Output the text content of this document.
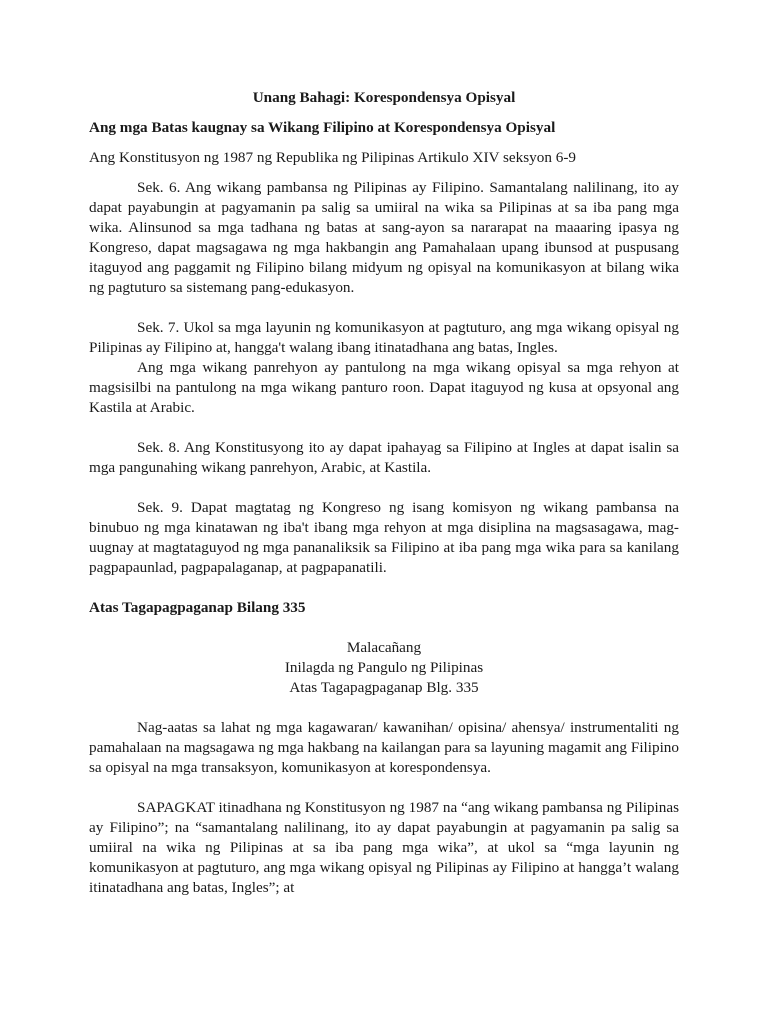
Unang Bahagi: Korespondensya Opisyal

Ang mga Batas kaugnay sa Wikang Filipino at Korespondensya Opisyal

Ang Konstitusyon ng 1987 ng Republika ng Pilipinas Artikulo XIV seksyon 6-9

Sek. 6. Ang wikang pambansa ng Pilipinas ay Filipino. Samantalang nalilinang, ito ay dapat payabungin at pagyamanin pa salig sa umiiral na wika sa Pilipinas at sa iba pang mga wika. Alinsunod sa mga tadhana ng batas at sang-ayon sa nararapat na maaaring ipasya ng Kongreso, dapat magsagawa ng mga hakbangin ang Pamahalaan upang ibunsod at puspusang itaguyod ang paggamit ng Filipino bilang midyum ng opisyal na komunikasyon at bilang wika ng pagtuturo sa sistemang pang-edukasyon.

Sek. 7. Ukol sa mga layunin ng komunikasyon at pagtuturo, ang mga wikang opisyal ng Pilipinas ay Filipino at, hangga't walang ibang itinatadhana ang batas, Ingles.

Ang mga wikang panrehyon ay pantulong na mga wikang opisyal sa mga rehyon at magsisilbi na pantulong na mga wikang panturo roon. Dapat itaguyod ng kusa at opsyonal ang Kastila at Arabic.

Sek. 8. Ang Konstitusyong ito ay dapat ipahayag sa Filipino at Ingles at dapat isalin sa mga pangunahing wikang panrehyon, Arabic, at Kastila.

Sek. 9. Dapat magtatag ng Kongreso ng isang komisyon ng wikang pambansa na binubuo ng mga kinatawan ng iba't ibang mga rehyon at mga disiplina na magsasagawa, mag-uugnay at magtataguyod ng mga pananaliksik sa Filipino at iba pang mga wika para sa kanilang pagpapaunlad, pagpapalaganap, at pagpapanatili.

Atas Tagapagpaganap Bilang 335

Malacañang

Inilagda ng Pangulo ng Pilipinas

Atas Tagapagpaganap Blg. 335

Nag-aatas sa lahat ng mga kagawaran/ kawanihan/ opisina/ ahensya/ instrumentaliti ng pamahalaan na magsagawa ng mga hakbang na kailangan para sa layuning magamit ang Filipino sa opisyal na mga transaksyon, komunikasyon at korespondensya.

SAPAGKAT itinadhana ng Konstitusyon ng 1987 na “ang wikang pambansa ng Pilipinas ay Filipino”; na “samantalang nalilinang, ito ay dapat payabungin at pagyamanin pa salig sa umiiral na wika ng Pilipinas at sa iba pang mga wika”, at ukol sa “mga layunin ng komunikasyon at pagtuturo, ang mga wikang opisyal ng Pilipinas ay Filipino at hangga’t walang itinatadhana ang batas, Ingles”; at
